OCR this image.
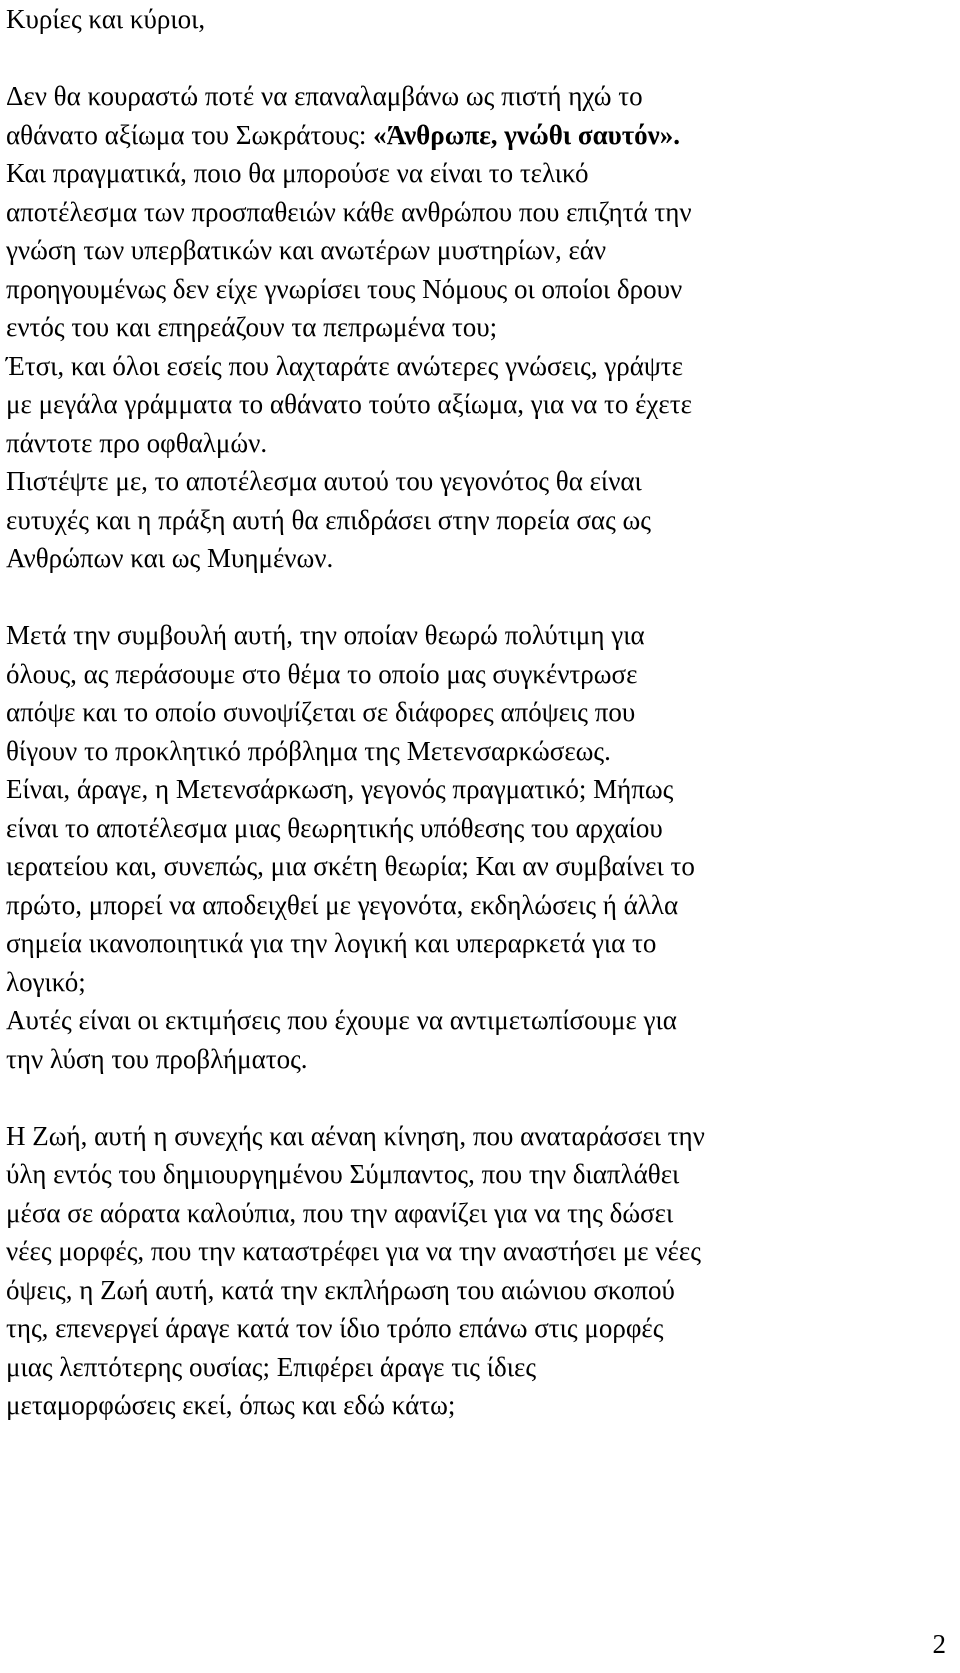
Κυρίες και κύριοι,

Δεν θα κουραστώ ποτέ να επαναλαμβάνω ως πιστή ηχώ το
αθάνατο αξίωμα του Σωκράτους: «Άνθρωπε, γνώθι σαυτόν».
Και πραγματικά, ποιο θα μπορούσε να είναι το τελικό
αποτέλεσμα των προσπαθειών κάθε ανθρώπου που επιζητά την
γνώση των υπερβατικών και ανωτέρων μυστηρίων, εάν
προηγουμένως δεν είχε γνωρίσει τους Νόμους οι οποίοι δρουν
εντός του και επηρεάζουν τα πεπρωμένα του;
Έτσι, και όλοι εσείς που λαχταράτε ανώτερες γνώσεις, γράψτε
με μεγάλα γράμματα το αθάνατο τούτο αξίωμα, για να το έχετε
πάντοτε προ οφθαλμών.
Πιστέψτε με, το αποτέλεσμα αυτού του γεγονότος θα είναι
ευτυχές και η πράξη αυτή θα επιδράσει στην πορεία σας ως
Ανθρώπων και ως Μυημένων.

Μετά την συμβουλή αυτή, την οποίαν θεωρώ πολύτιμη για
όλους, ας περάσουμε στο θέμα το οποίο μας συγκέντρωσε
απόψε και το οποίο συνοψίζεται σε διάφορες απόψεις που
θίγουν το προκλητικό πρόβλημα της Μετενσαρκώσεως.
Είναι, άραγε, η Μετενσάρκωση, γεγονός πραγματικό; Μήπως
είναι το αποτέλεσμα μιας θεωρητικής υπόθεσης του αρχαίου
ιερατείου και, συνεπώς, μια σκέτη θεωρία; Και αν συμβαίνει το
πρώτο, μπορεί να αποδειχθεί με γεγονότα, εκδηλώσεις ή άλλα
σημεία ικανοποιητικά για την λογική και υπεραρκετά για το
λογικό;
Αυτές είναι οι εκτιμήσεις που έχουμε να αντιμετωπίσουμε για
την λύση του προβλήματος.

Η Ζωή, αυτή η συνεχής και αέναη κίνηση, που αναταράσσει την
ύλη εντός του δημιουργημένου Σύμπαντος, που την διαπλάθει
μέσα σε αόρατα καλούπια, που την αφανίζει για να της δώσει
νέες μορφές, που την καταστρέφει για να την αναστήσει με νέες
όψεις, η Ζωή αυτή, κατά την εκπλήρωση του αιώνιου σκοπού
της, επενεργεί άραγε κατά τον ίδιο τρόπο επάνω στις μορφές
μιας λεπτότερης ουσίας; Επιφέρει άραγε τις ίδιες
μεταμορφώσεις εκεί, όπως και εδώ κάτω;

2
